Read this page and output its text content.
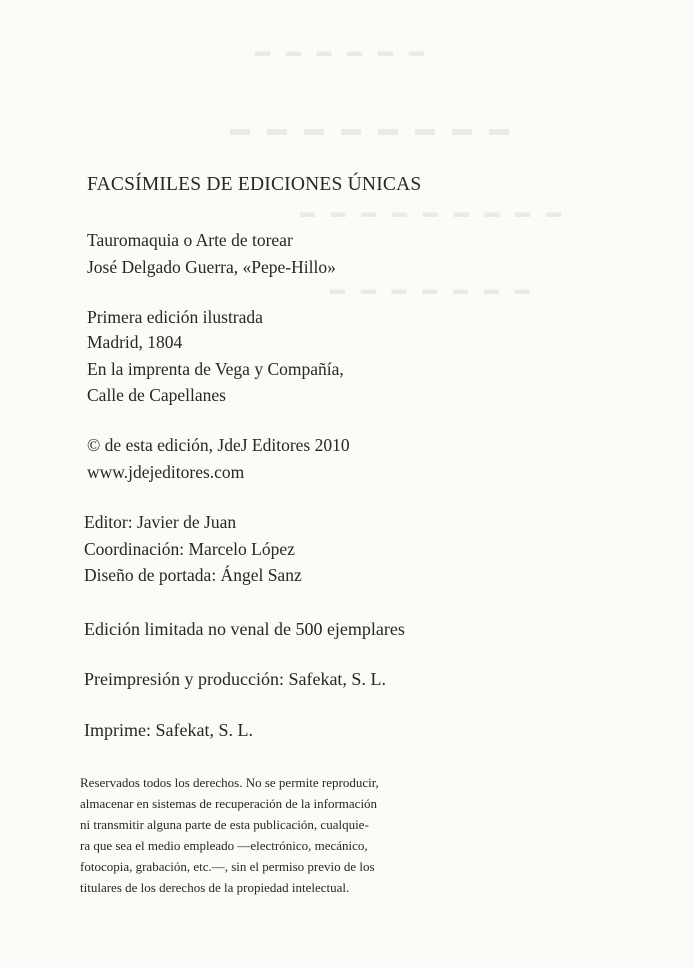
▬ ▬ ▬ ▬ ▬ ▬
▬ ▬ ▬ ▬ ▬ ▬ ▬ ▬
▬ ▬ ▬ ▬ ▬ ▬ ▬ ▬ ▬
▬ ▬ ▬ ▬ ▬ ▬ ▬
FACSÍMILES DE EDICIONES ÚNICAS
Tauromaquia o Arte de torear
José Delgado Guerra, «Pepe-Hillo»
Primera edición ilustrada
Madrid, 1804
En la imprenta de Vega y Compañía,
Calle de Capellanes
© de esta edición, JdeJ Editores 2010
www.jdejeditores.com
Editor: Javier de Juan
Coordinación: Marcelo López
Diseño de portada: Ángel Sanz
Edición limitada no venal de 500 ejemplares
Preimpresión y producción: Safekat, S. L.
Imprime: Safekat, S. L.
Reservados todos los derechos. No se permite reproducir,
almacenar en sistemas de recuperación de la información
ni transmitir alguna parte de esta publicación, cualquie-
ra que sea el medio empleado —electrónico, mecánico,
fotocopia, grabación, etc.—, sin el permiso previo de los
titulares de los derechos de la propiedad intelectual.
